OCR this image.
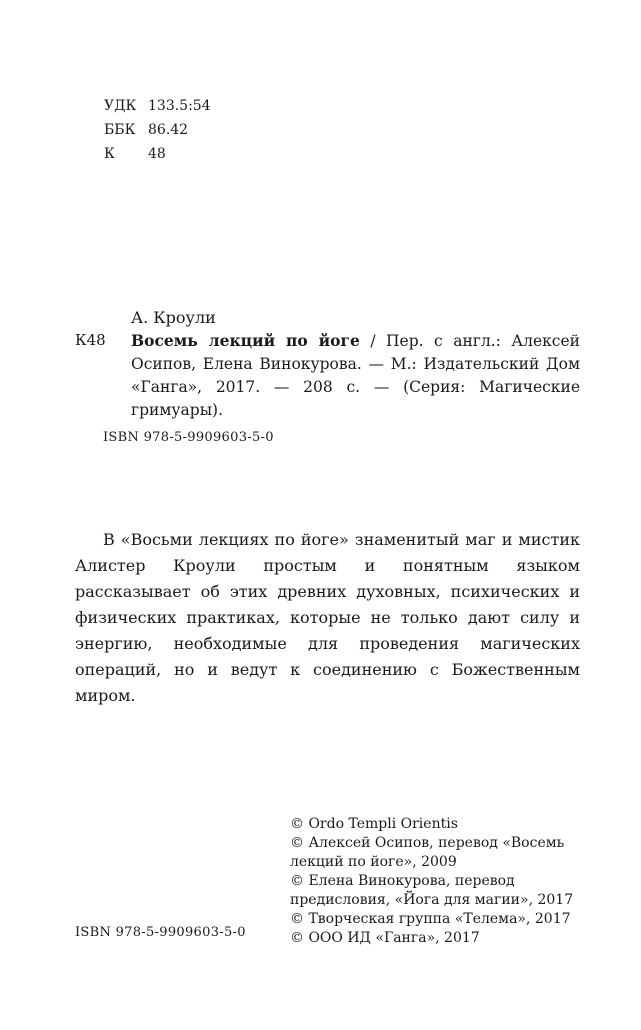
УДК 133.5:54
ББК 86.42
К	48
А. Кроули
К48	Восемь лекций по йоге / Пер. с англ.: Алексей Осипов, Елена Винокурова. — М.: Издательский Дом «Ганга», 2017. — 208 с. — (Серия: Магические гримуары).
ISBN 978-5-9909603-5-0

В «Восьми лекциях по йоге» знаменитый маг и мистик Алистер Кроули простым и понятным языком рассказывает об этих древних духовных, психических и физических практиках, которые не только дают силу и энергию, необходимые для проведения магических операций, но и ведут к соединению с Божественным миром.

ISBN 978-5-9909603-5-0
© Ordo Templi Orientis
© Алексей Осипов, перевод «Восемь лекций по йоге», 2009
© Елена Винокурова, перевод предисловия, «Йога для магии», 2017
© Творческая группа «Телема», 2017
© ООО ИД «Ганга», 2017
